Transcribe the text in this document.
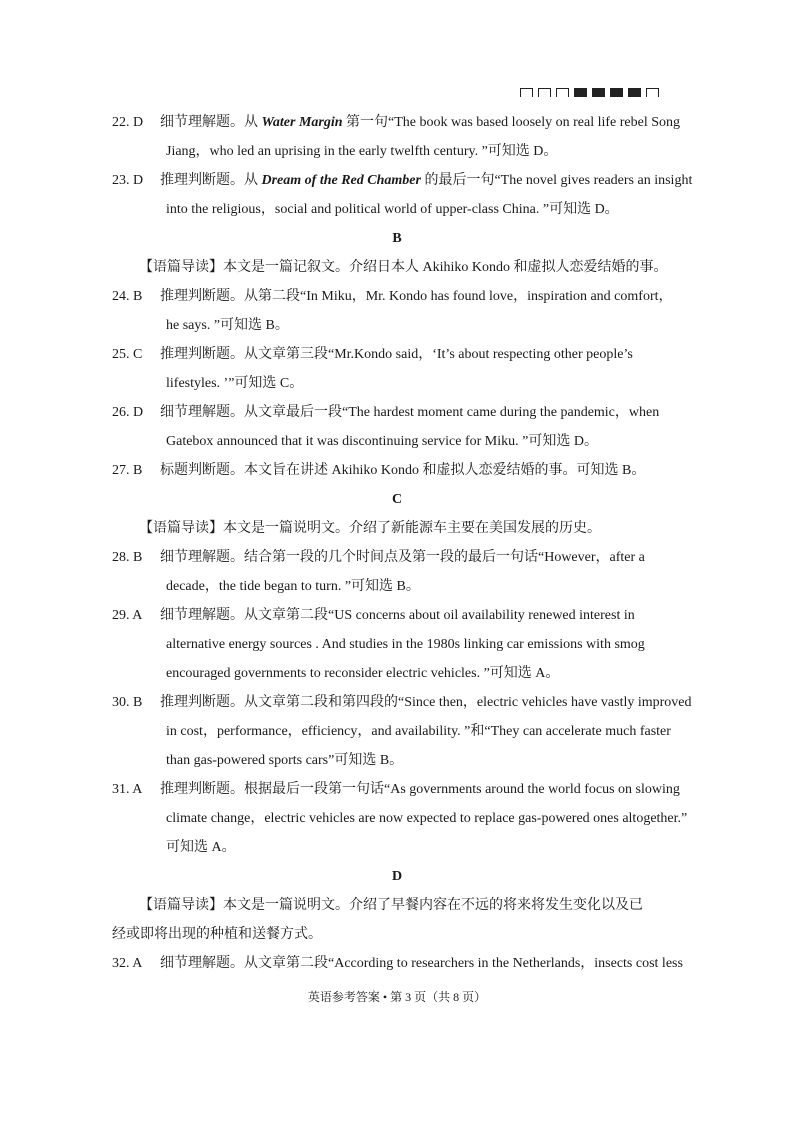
22. D 细节理解题。从 Water Margin 第一句“The book was based loosely on real life rebel Song
Jiang，who led an uprising in the early twelfth century. ”可知选 D。
23. D 推理判断题。从 Dream of the Red Chamber 的最后一句“The novel gives readers an insight
into the religious，social and political world of upper-class China. ”可知选 D。
B
【语篇导读】本文是一篇记叙文。介绍日本人 Akihiko Kondo 和虚拟人恋爱结婚的事。
24. B 推理判断题。从第二段“In Miku，Mr. Kondo has found love，inspiration and comfort，
he says. ”可知选 B。
25. C 推理判断题。从文章第三段“Mr.Kondo said，‘It’s about respecting other people’s
lifestyles. ’”可知选 C。
26. D 细节理解题。从文章最后一段“The hardest moment came during the pandemic，when
Gatebox announced that it was discontinuing service for Miku. ”可知选 D。
27. B 标题判断题。本文旨在讲述 Akihiko Kondo 和虚拟人恋爱结婚的事。可知选 B。
C
【语篇导读】本文是一篇说明文。介绍了新能源车主要在美国发展的历史。
28. B 细节理解题。结合第一段的几个时间点及第一段的最后一句话“However，after a
decade，the tide began to turn. ”可知选 B。
29. A 细节理解题。从文章第二段“US concerns about oil availability renewed interest in
alternative energy sources . And studies in the 1980s linking car emissions with smog
encouraged governments to reconsider electric vehicles. ”可知选 A。
30. B 推理判断题。从文章第二段和第四段的“Since then，electric vehicles have vastly improved
in cost，performance，efficiency，and availability. ”和“They can accelerate much faster
than gas-powered sports cars”可知选 B。
31. A 推理判断题。根据最后一段第一句话“As governments around the world focus on slowing
climate change，electric vehicles are now expected to replace gas-powered ones altogether.”
可知选 A。
D
【语篇导读】本文是一篇说明文。介绍了早餐内容在不远的将来将发生变化以及已
经或即将出现的种植和送餐方式。
32. A 细节理解题。从文章第二段“According to researchers in the Netherlands，insects cost less
英语参考答案 • 第 3 页（共 8 页）
